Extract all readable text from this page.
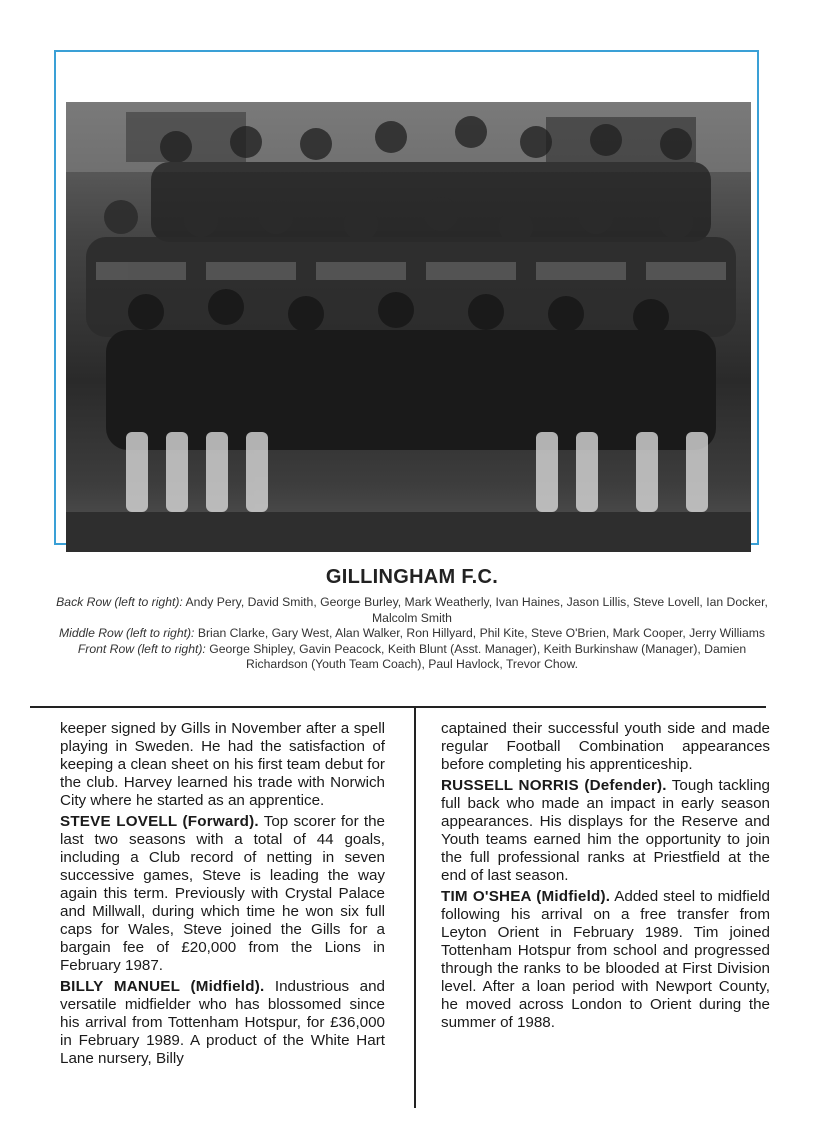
GILLINGHAM F.C.
Back Row (left to right): Andy Pery, David Smith, George Burley, Mark Weatherly, Ivan Haines, Jason Lillis, Steve Lovell, Ian Docker, Malcolm Smith
Middle Row (left to right): Brian Clarke, Gary West, Alan Walker, Ron Hillyard, Phil Kite, Steve O'Brien, Mark Cooper, Jerry Williams
Front Row (left to right): George Shipley, Gavin Peacock, Keith Blunt (Asst. Manager), Keith Burkinshaw (Manager), Damien Richardson (Youth Team Coach), Paul Havlock, Trevor Chow.

keeper signed by Gills in November after a spell playing in Sweden. He had the satisfaction of keeping a clean sheet on his first team debut for the club. Harvey learned his trade with Norwich City where he started as an apprentice.

STEVE LOVELL (Forward). Top scorer for the last two seasons with a total of 44 goals, including a Club record of netting in seven successive games, Steve is leading the way again this term. Previously with Crystal Palace and Millwall, during which time he won six full caps for Wales, Steve joined the Gills for a bargain fee of £20,000 from the Lions in February 1987.

BILLY MANUEL (Midfield). Industrious and versatile midfielder who has blossomed since his arrival from Tottenham Hotspur, for £36,000 in February 1989. A product of the White Hart Lane nursery, Billy

captained their successful youth side and made regular Football Combination appearances before completing his apprenticeship.

RUSSELL NORRIS (Defender). Tough tackling full back who made an impact in early season appearances. His displays for the Reserve and Youth teams earned him the opportunity to join the full professional ranks at Priestfield at the end of last season.

TIM O'SHEA (Midfield). Added steel to midfield following his arrival on a free transfer from Leyton Orient in February 1989. Tim joined Tottenham Hotspur from school and progressed through the ranks to be blooded at First Division level. After a loan period with Newport County, he moved across London to Orient during the summer of 1988.
